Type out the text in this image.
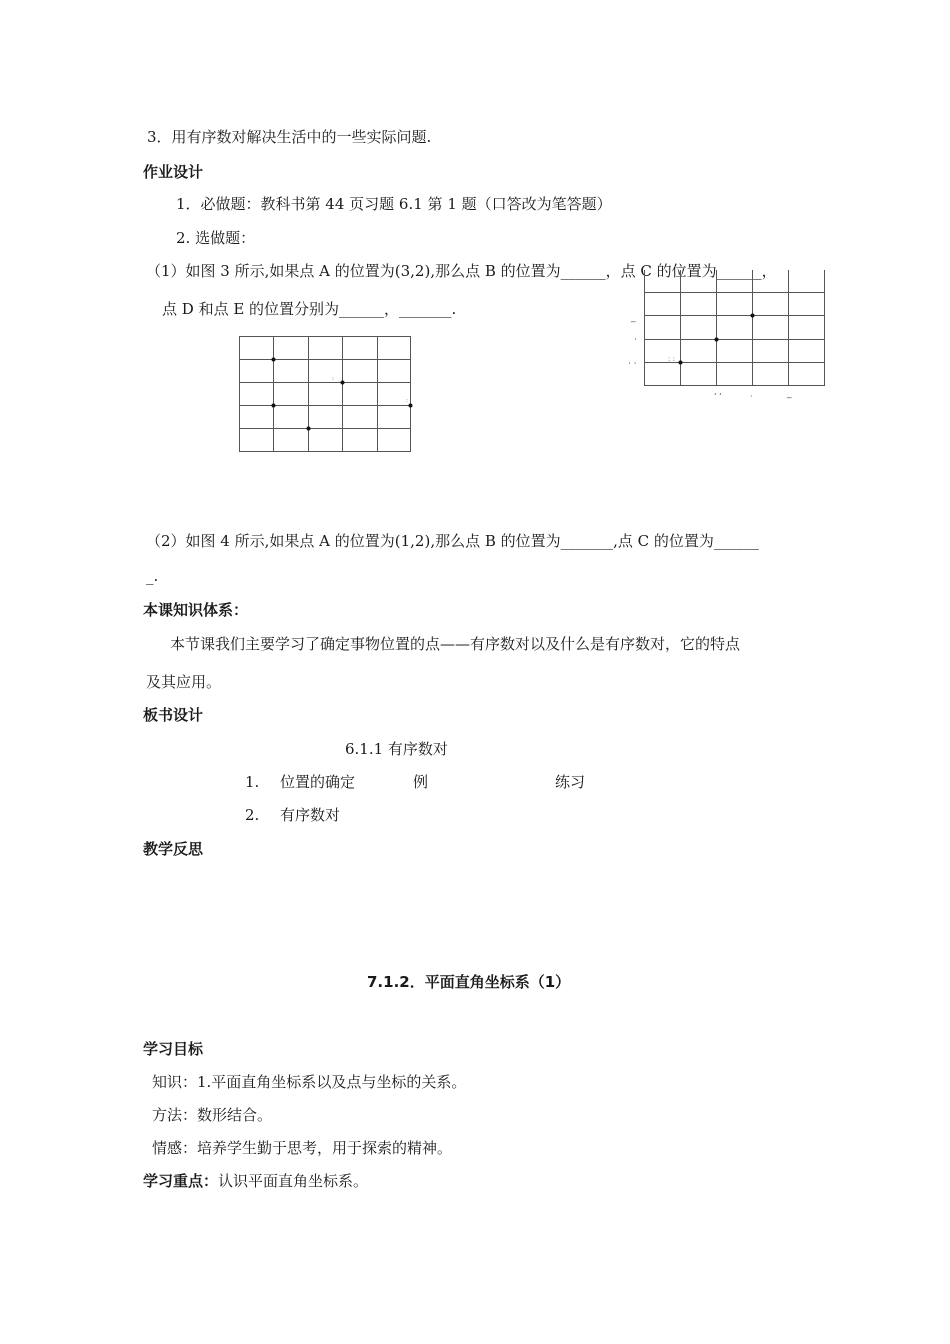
3．用有序数对解决生活中的一些实际问题.
作业设计
1．必做题：教科书第 44 页习题 6.1 第 1 题（口答改为笔答题）
2. 选做题：
（1）如图 3 所示,如果点 A 的位置为(3,2),那么点 B 的位置为______，点 C 的位置为______，
点 D 和点 E 的位置分别为______，_______.
:
:
_
·
· ·	: :
‘ ‘	·	_
（2）如图 4 所示,如果点 A 的位置为(1,2),那么点 B 的位置为_______,点 C 的位置为______
_.
本课知识体系：
本节课我们主要学习了确定事物位置的点——有序数对以及什么是有序数对，它的特点
及其应用。
板书设计
6.1.1 有序数对
1. 位置的确定	例	练习
2. 有序数对
教学反思
7.1.2．平面直角坐标系（1）
学习目标
知识：1.平面直角坐标系以及点与坐标的关系。
方法：数形结合。
情感：培养学生勤于思考，用于探索的精神。
学习重点：认识平面直角坐标系。
